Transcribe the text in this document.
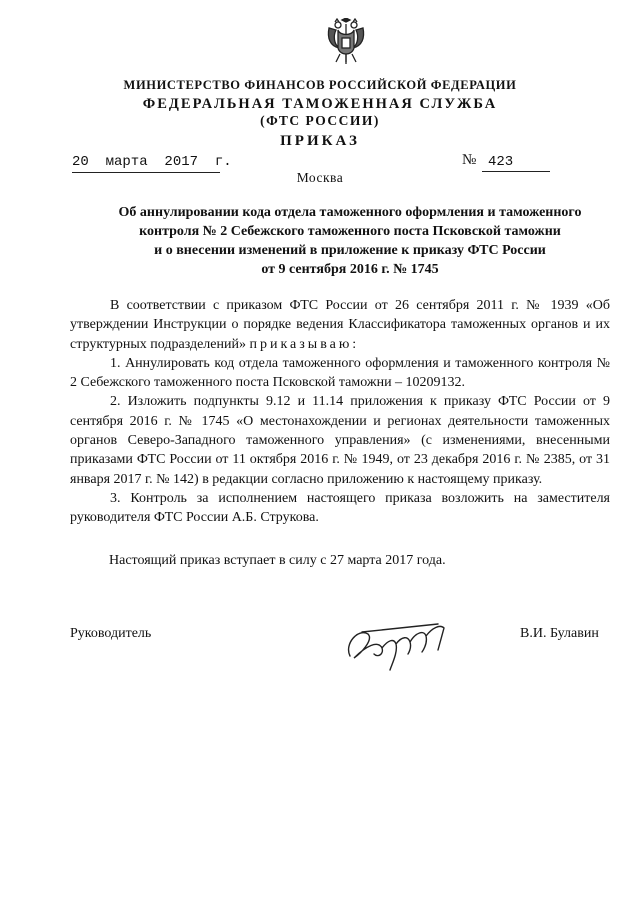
МИНИСТЕРСТВО ФИНАНСОВ РОССИЙСКОЙ ФЕДЕРАЦИИ
ФЕДЕРАЛЬНАЯ ТАМОЖЕННАЯ СЛУЖБА
(ФТС РОССИИ)
ПРИКАЗ
20  марта  2017  г.	№ 423
Москва
Об аннулировании кода отдела таможенного оформления и таможенного
контроля № 2 Себежского таможенного поста Псковской таможни
и о внесении изменений в приложение к приказу ФТС России
от 9 сентября 2016 г. № 1745

В соответствии с приказом ФТС России от 26 сентября 2011 г. № 1939 «Об утверждении Инструкции о порядке ведения Классификатора таможенных органов и их структурных подразделений» приказываю:

1. Аннулировать код отдела таможенного оформления и таможенного контроля № 2 Себежского таможенного поста Псковской таможни – 10209132.

2. Изложить подпункты 9.12 и 11.14 приложения к приказу ФТС России от 9 сентября 2016 г. № 1745 «О местонахождении и регионах деятельности таможенных органов Северо-Западного таможенного управления» (с изменениями, внесенными приказами ФТС России от 11 октября 2016 г. № 1949, от 23 декабря 2016 г. № 2385, от 31 января 2017 г. № 142) в редакции согласно приложению к настоящему приказу.

3. Контроль за исполнением настоящего приказа возложить на заместителя руководителя ФТС России А.Б. Струкова.

Настоящий приказ вступает в силу с 27 марта 2017 года.
Руководитель	В.И. Булавин
